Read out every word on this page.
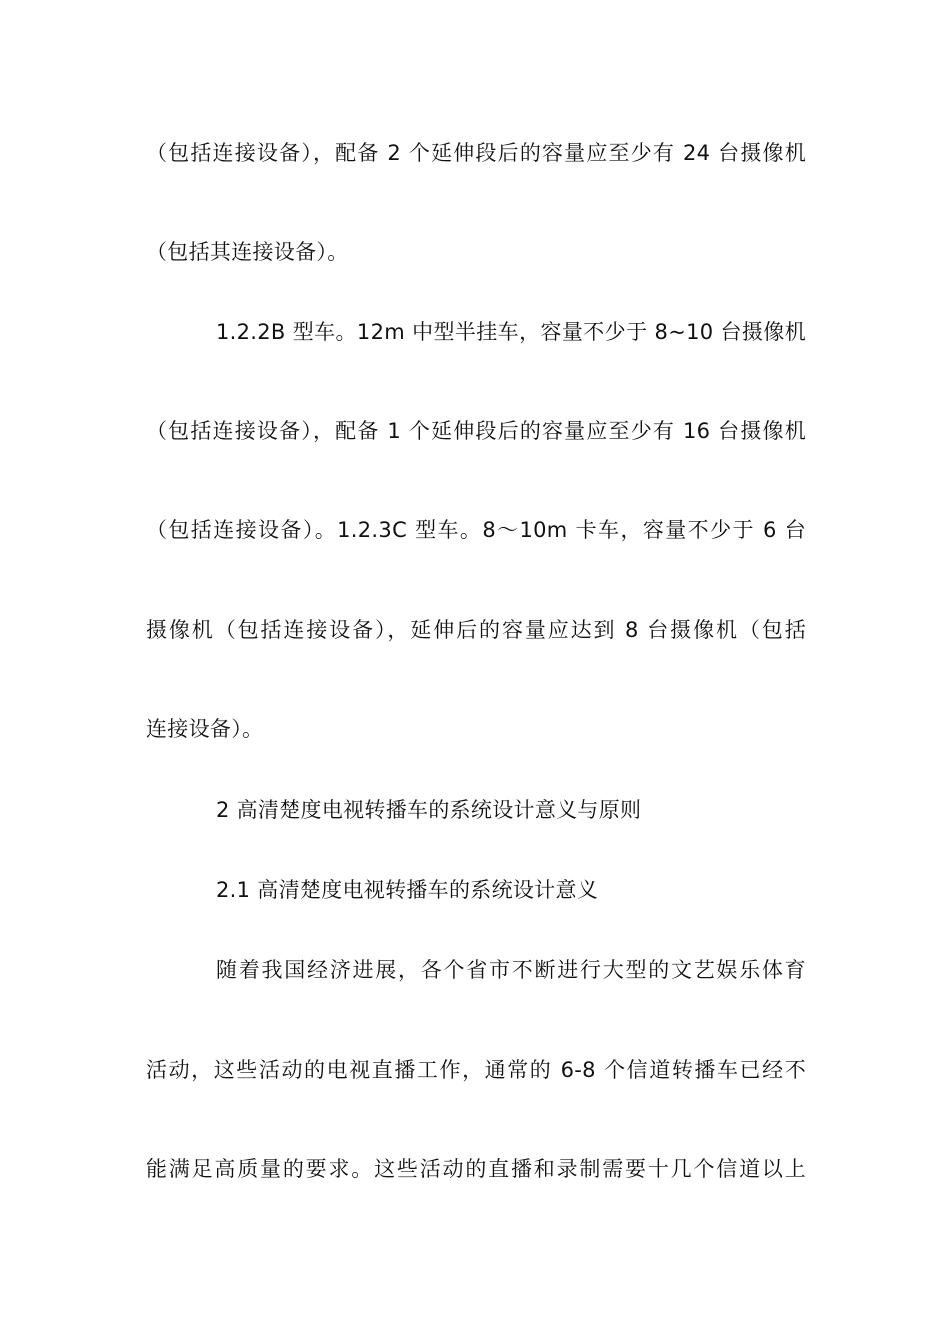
（包括连接设备），配备 2 个延伸段后的容量应至少有 24 台摄像机
（包括其连接设备）。
1.2.2B 型车。12m 中型半挂车，容量不少于 8~10 台摄像机
（包括连接设备），配备 1 个延伸段后的容量应至少有 16 台摄像机
（包括连接设备）。1.2.3C 型车。8～10m 卡车，容量不少于 6 台
摄像机（包括连接设备），延伸后的容量应达到 8 台摄像机（包括
连接设备）。
2 高清楚度电视转播车的系统设计意义与原则
2.1 高清楚度电视转播车的系统设计意义
随着我国经济进展，各个省市不断进行大型的文艺娱乐体育
活动，这些活动的电视直播工作，通常的 6-8 个信道转播车已经不
能满足高质量的要求。这些活动的直播和录制需要十几个信道以上
